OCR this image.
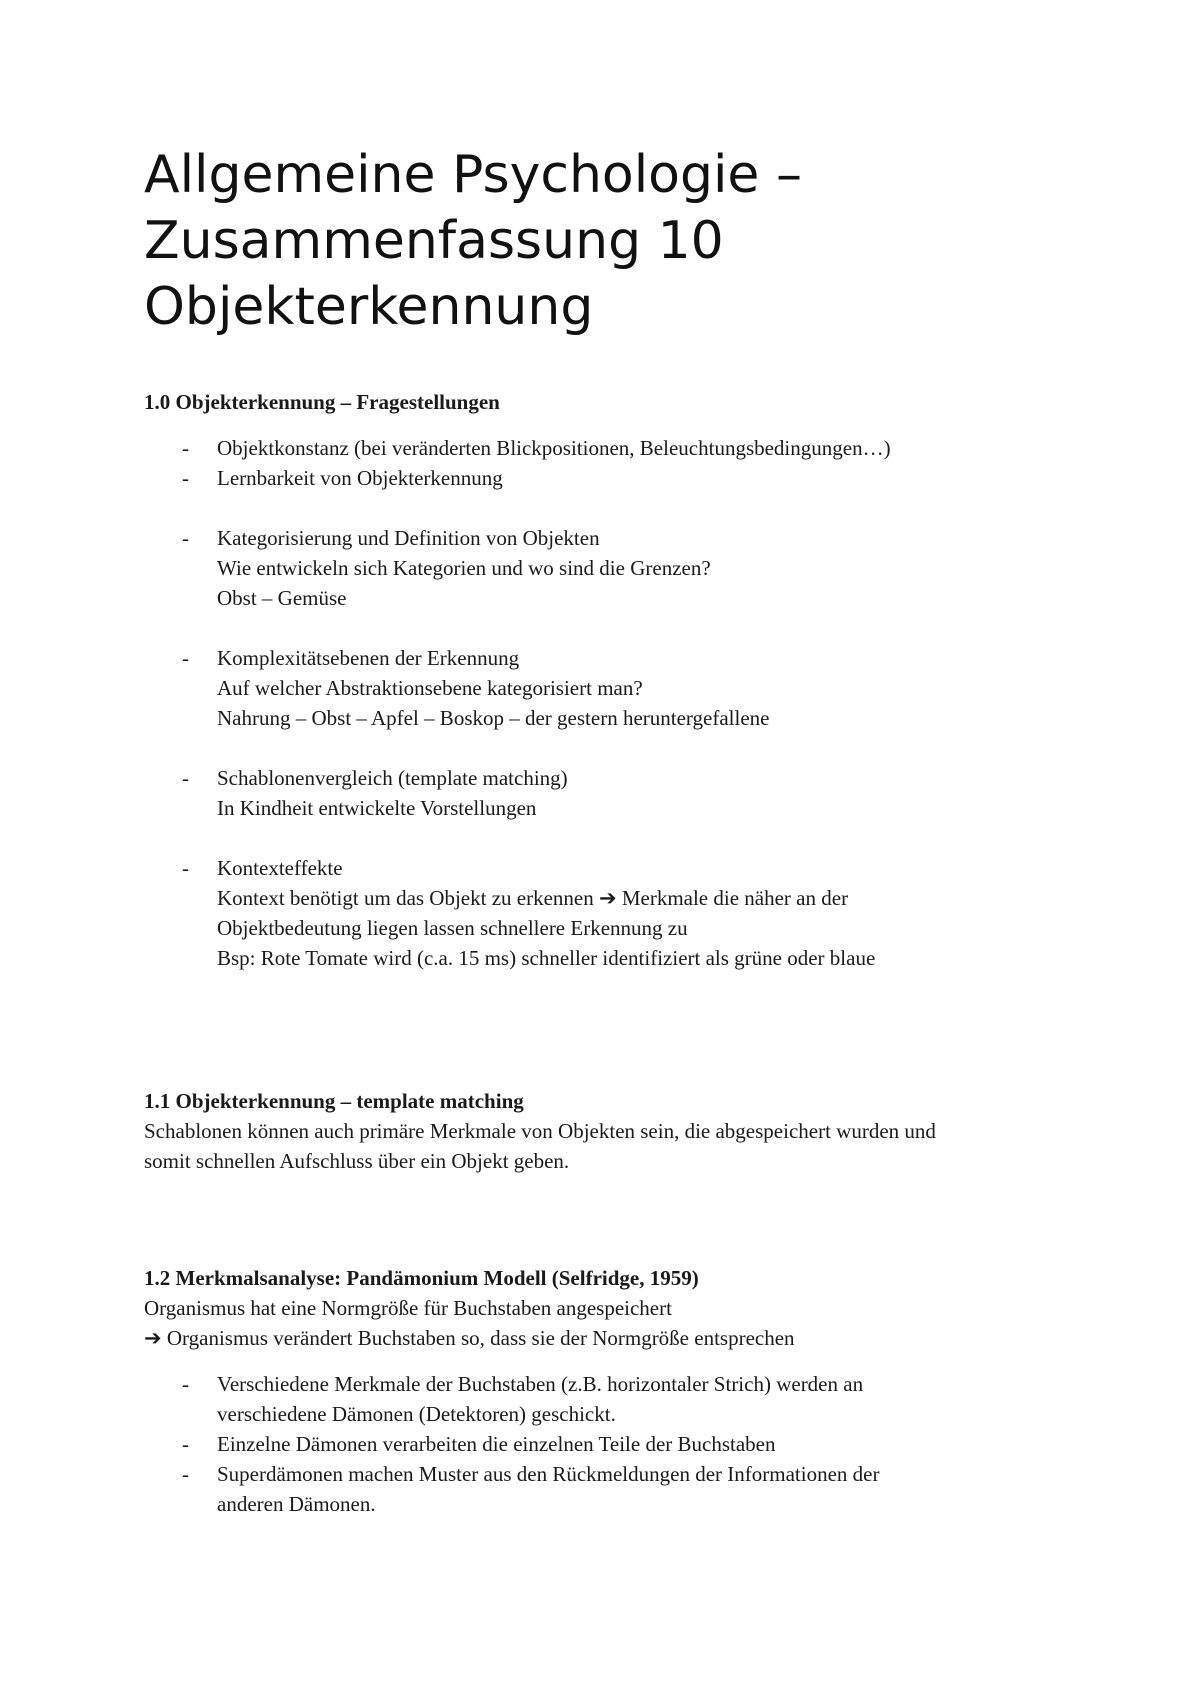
Allgemeine Psychologie –
Zusammenfassung 10
Objekterkennung
1.0 Objekterkennung – Fragestellungen
- Objektkonstanz (bei veränderten Blickpositionen, Beleuchtungsbedingungen…)
- Lernbarkeit von Objekterkennung
- Kategorisierung und Definition von Objekten
Wie entwickeln sich Kategorien und wo sind die Grenzen?
Obst – Gemüse
- Komplexitätsebenen der Erkennung
Auf welcher Abstraktionsebene kategorisiert man?
Nahrung – Obst – Apfel – Boskop – der gestern heruntergefallene
- Schablonenvergleich (template matching)
In Kindheit entwickelte Vorstellungen
- Kontexteffekte
Kontext benötigt um das Objekt zu erkennen ➔ Merkmale die näher an der
Objektbedeutung liegen lassen schnellere Erkennung zu
Bsp: Rote Tomate wird (c.a. 15 ms) schneller identifiziert als grüne oder blaue
1.1 Objekterkennung – template matching

Schablonen können auch primäre Merkmale von Objekten sein, die abgespeichert wurden und
somit schnellen Aufschluss über ein Objekt geben.

1.2 Merkmalsanalyse: Pandämonium Modell (Selfridge, 1959)

Organismus hat eine Normgröße für Buchstaben angespeichert
➔ Organismus verändert Buchstaben so, dass sie der Normgröße entsprechen

- Verschiedene Merkmale der Buchstaben (z.B. horizontaler Strich) werden an
verschiedene Dämonen (Detektoren) geschickt.
- Einzelne Dämonen verarbeiten die einzelnen Teile der Buchstaben
- Superdämonen machen Muster aus den Rückmeldungen der Informationen der
anderen Dämonen.
